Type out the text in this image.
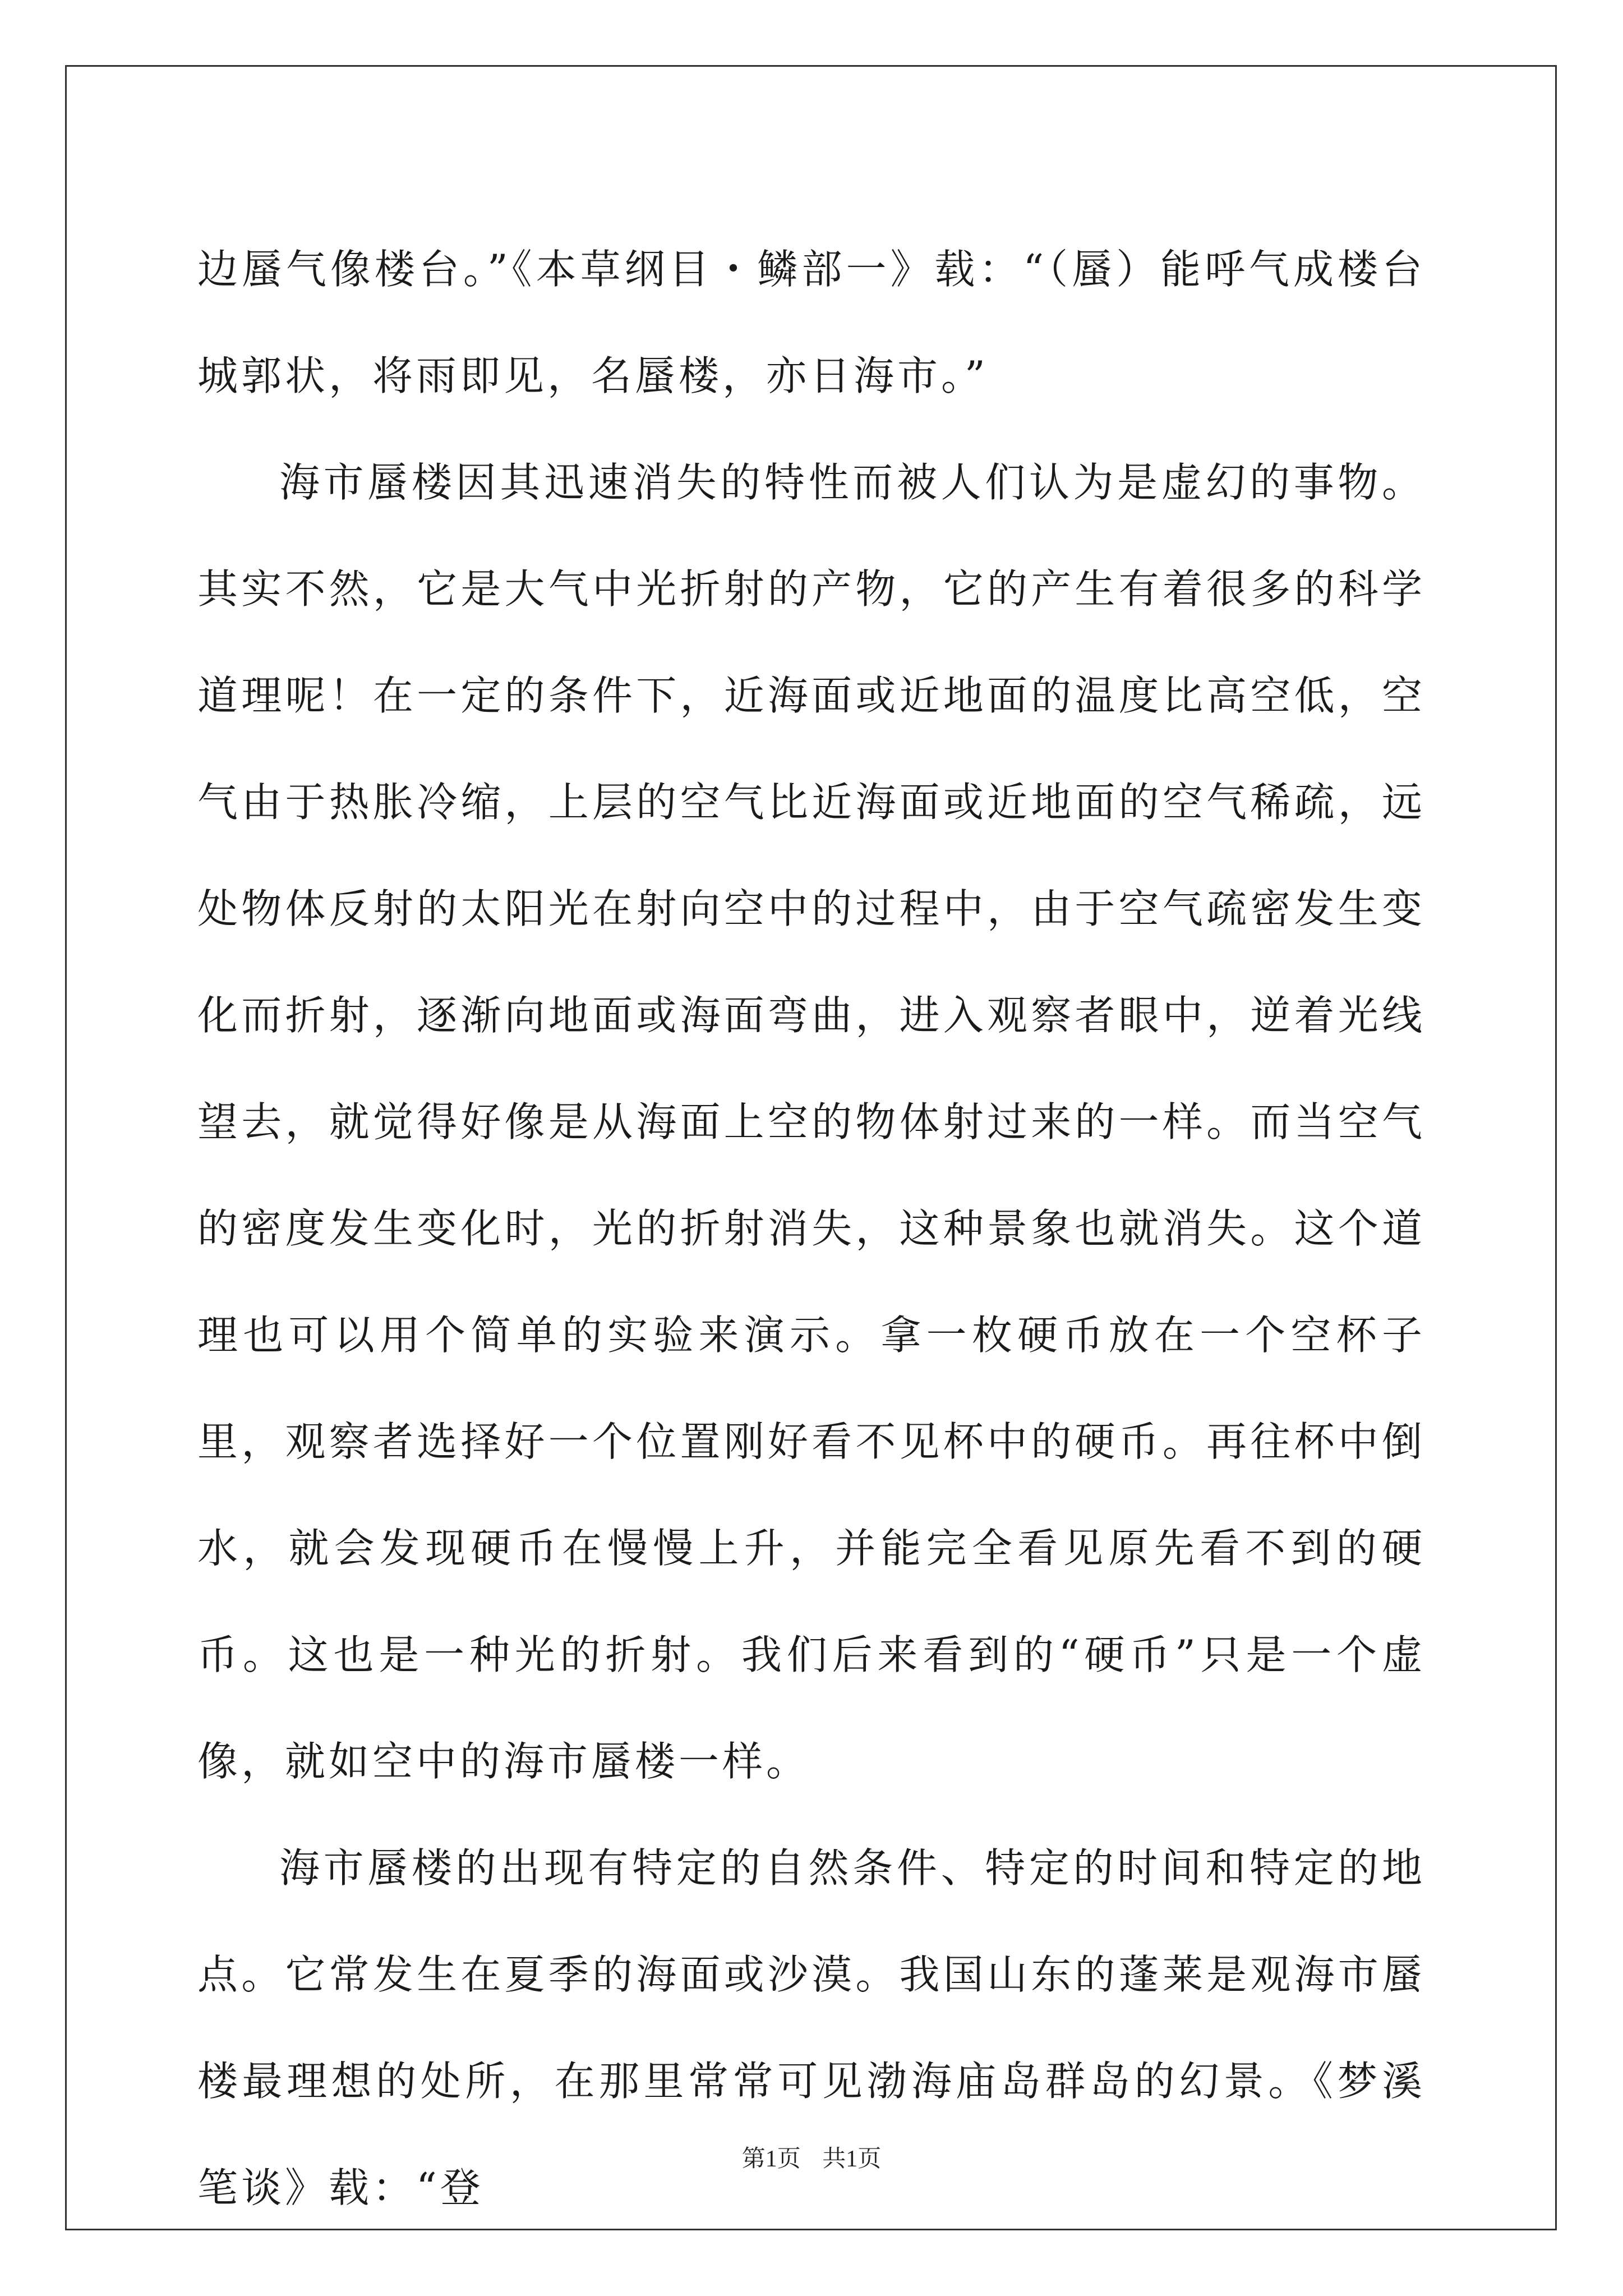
边蜃气像楼台。”《本草纲目・鳞部一》载：“（蜃）能呼气成楼台城郭状，将雨即见，名蜃楼，亦日海市。”

海市蜃楼因其迅速消失的特性而被人们认为是虚幻的事物。其实不然，它是大气中光折射的产物，它的产生有着很多的科学道理呢！在一定的条件下，近海面或近地面的温度比高空低，空气由于热胀冷缩，上层的空气比近海面或近地面的空气稀疏，远处物体反射的太阳光在射向空中的过程中，由于空气疏密发生变化而折射，逐渐向地面或海面弯曲，进入观察者眼中，逆着光线望去，就觉得好像是从海面上空的物体射过来的一样。而当空气的密度发生变化时，光的折射消失，这种景象也就消失。这个道理也可以用个简单的实验来演示。拿一枚硬币放在一个空杯子里，观察者选择好一个位置刚好看不见杯中的硬币。再往杯中倒水，就会发现硬币在慢慢上升，并能完全看见原先看不到的硬币。这也是一种光的折射。我们后来看到的“硬币”只是一个虚像，就如空中的海市蜃楼一样。

海市蜃楼的出现有特定的自然条件、特定的时间和特定的地点。它常发生在夏季的海面或沙漠。我国山东的蓬莱是观海市蜃楼最理想的处所，在那里常常可见渤海庙岛群岛的幻景。《梦溪笔谈》载：“登

第1页 共1页
